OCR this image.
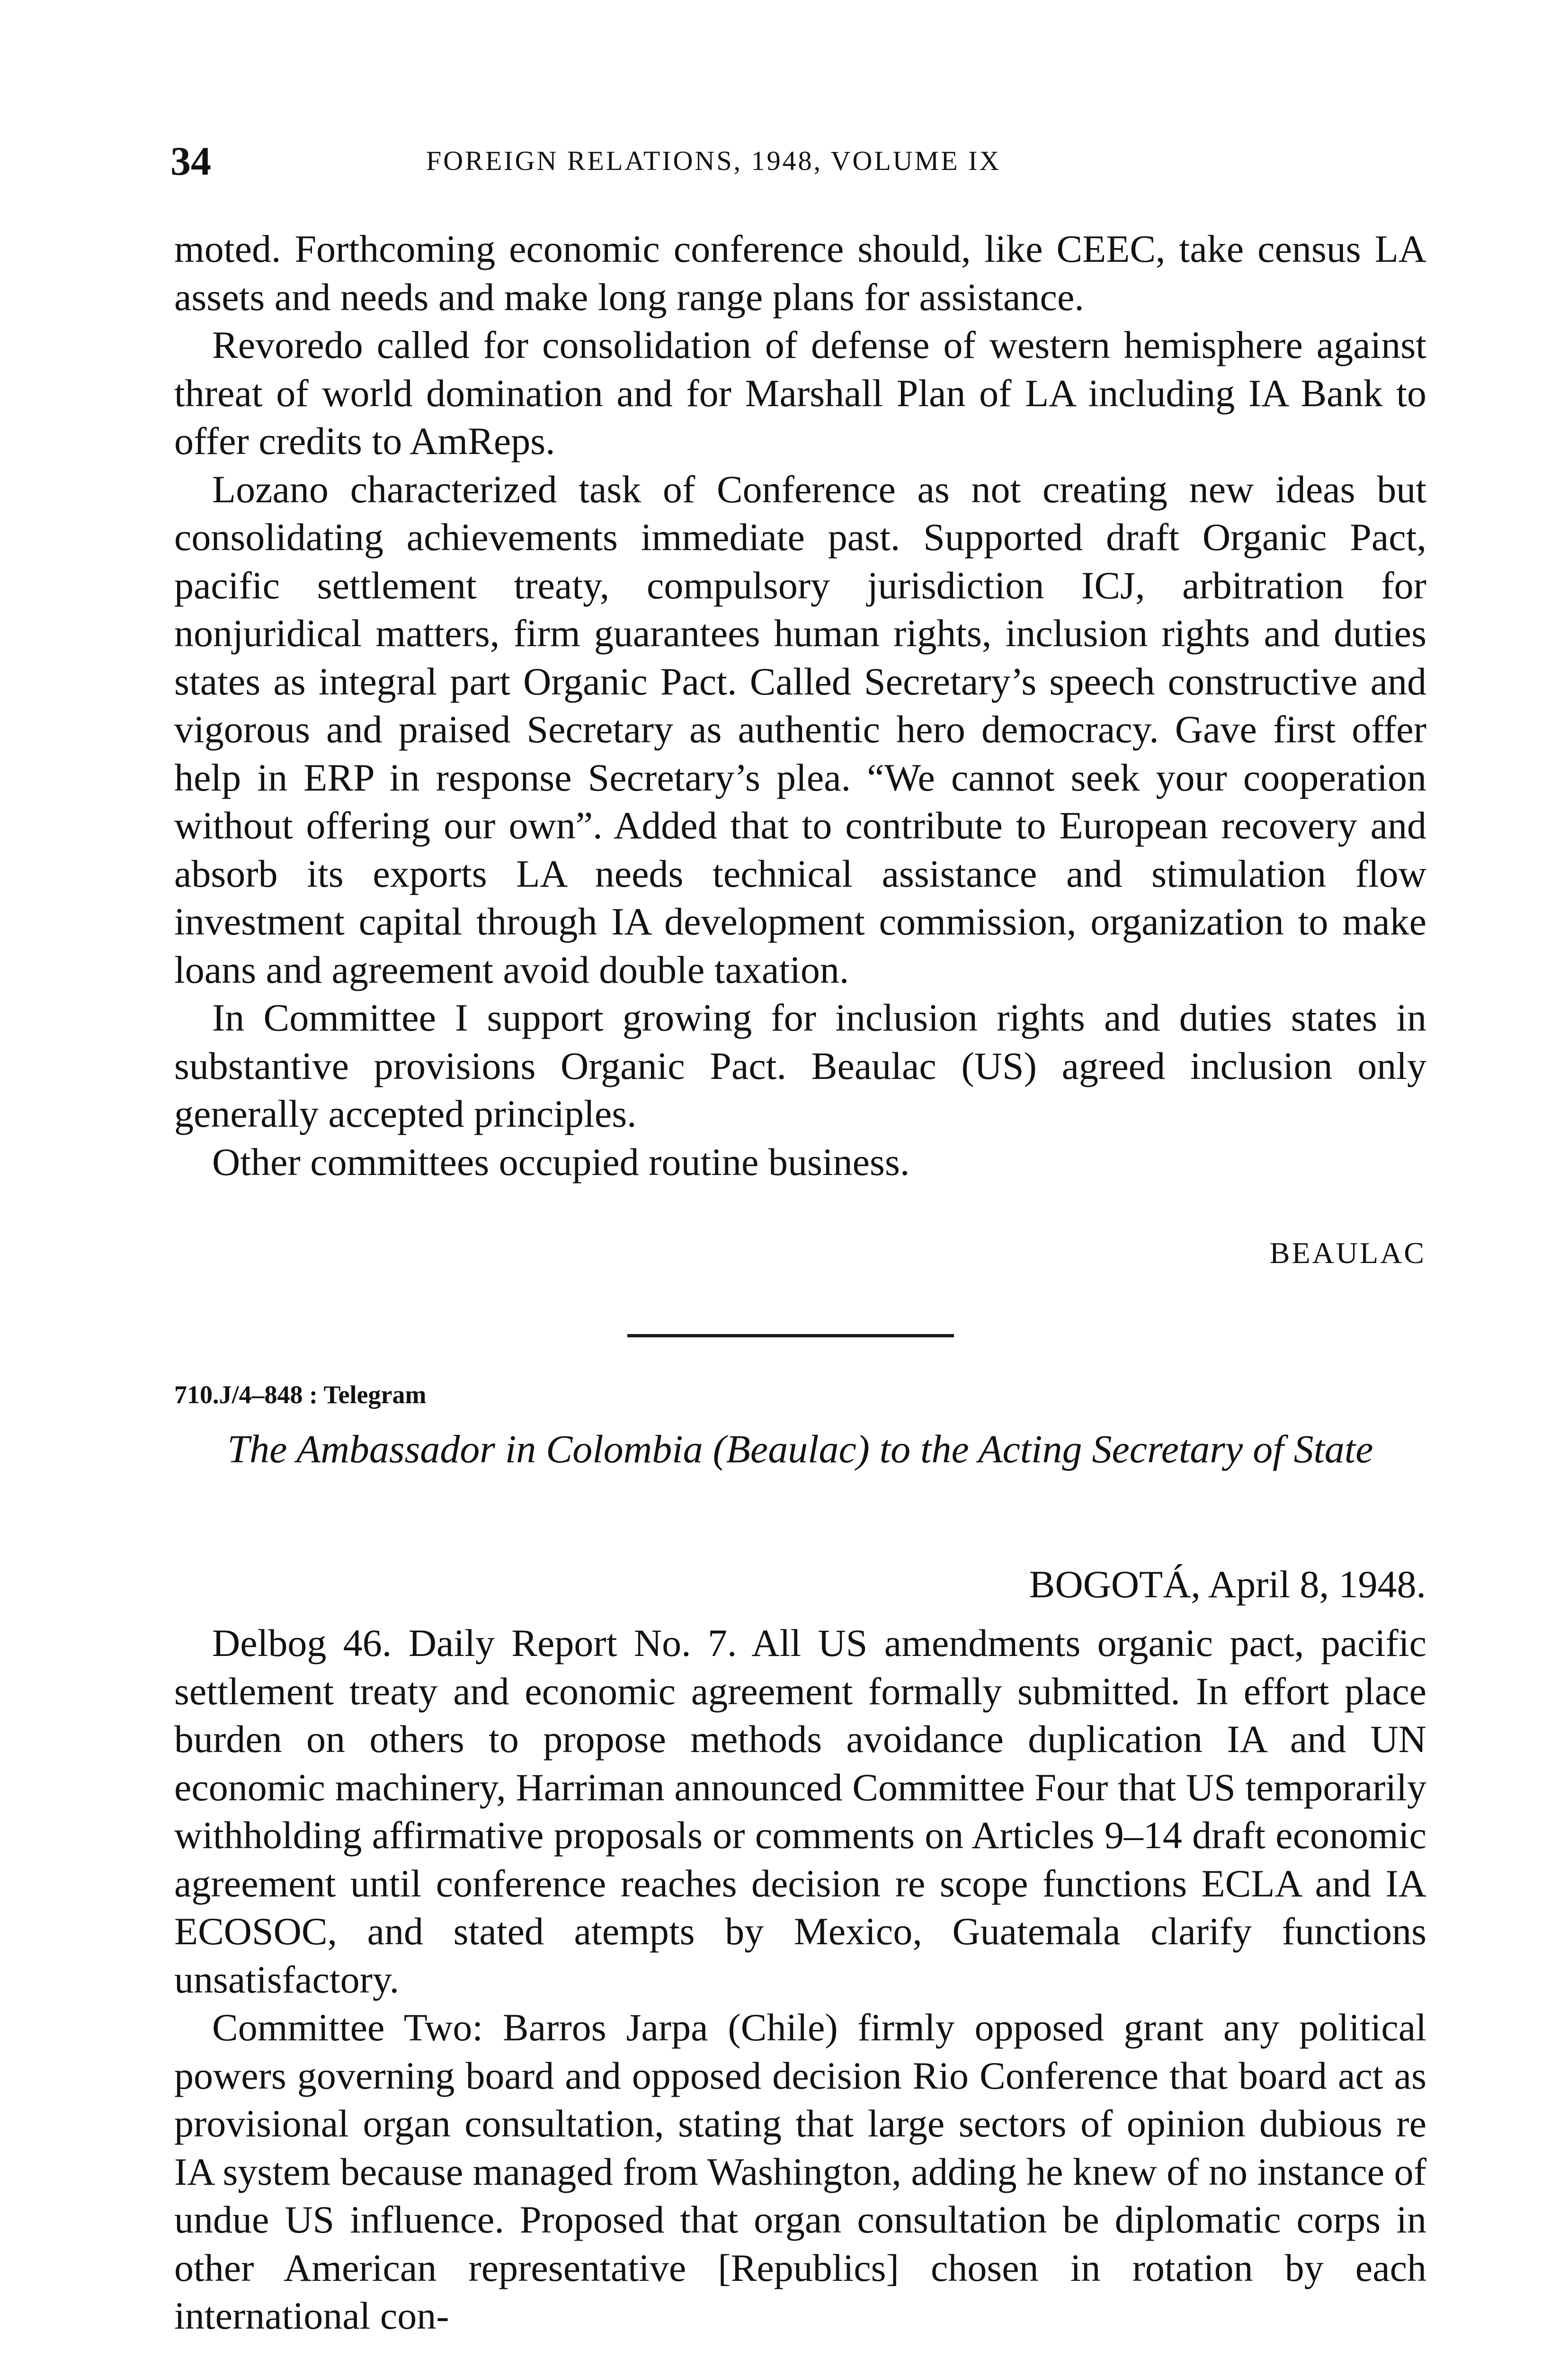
34	FOREIGN RELATIONS, 1948, VOLUME IX

moted. Forthcoming economic conference should, like CEEC, take census LA assets and needs and make long range plans for assistance.

Revoredo called for consolidation of defense of western hemisphere against threat of world domination and for Marshall Plan of LA including IA Bank to offer credits to AmReps.

Lozano characterized task of Conference as not creating new ideas but consolidating achievements immediate past. Supported draft Organic Pact, pacific settlement treaty, compulsory jurisdiction ICJ, arbitration for nonjuridical matters, firm guarantees human rights, inclusion rights and duties states as integral part Organic Pact. Called Secretary’s speech constructive and vigorous and praised Secretary as authentic hero democracy. Gave first offer help in ERP in response Secretary’s plea. “We cannot seek your cooperation without offering our own”. Added that to contribute to European recovery and absorb its exports LA needs technical assistance and stimulation flow investment capital through IA development commission, organization to make loans and agreement avoid double taxation.

In Committee I support growing for inclusion rights and duties states in substantive provisions Organic Pact. Beaulac (US) agreed inclusion only generally accepted principles.

Other committees occupied routine business.

BEAULAC
710.J/4–848 : Telegram
The Ambassador in Colombia (Beaulac) to the Acting Secretary of State
BOGOTÁ, April 8, 1948.

Delbog 46. Daily Report No. 7. All US amendments organic pact, pacific settlement treaty and economic agreement formally submitted. In effort place burden on others to propose methods avoidance duplication IA and UN economic machinery, Harriman announced Committee Four that US temporarily withholding affirmative proposals or comments on Articles 9–14 draft economic agreement until conference reaches decision re scope functions ECLA and IA ECOSOC, and stated atempts by Mexico, Guatemala clarify functions unsatisfactory.

Committee Two: Barros Jarpa (Chile) firmly opposed grant any political powers governing board and opposed decision Rio Conference that board act as provisional organ consultation, stating that large sectors of opinion dubious re IA system because managed from Washington, adding he knew of no instance of undue US influence. Proposed that organ consultation be diplomatic corps in other American representative [Republics] chosen in rotation by each international con-
